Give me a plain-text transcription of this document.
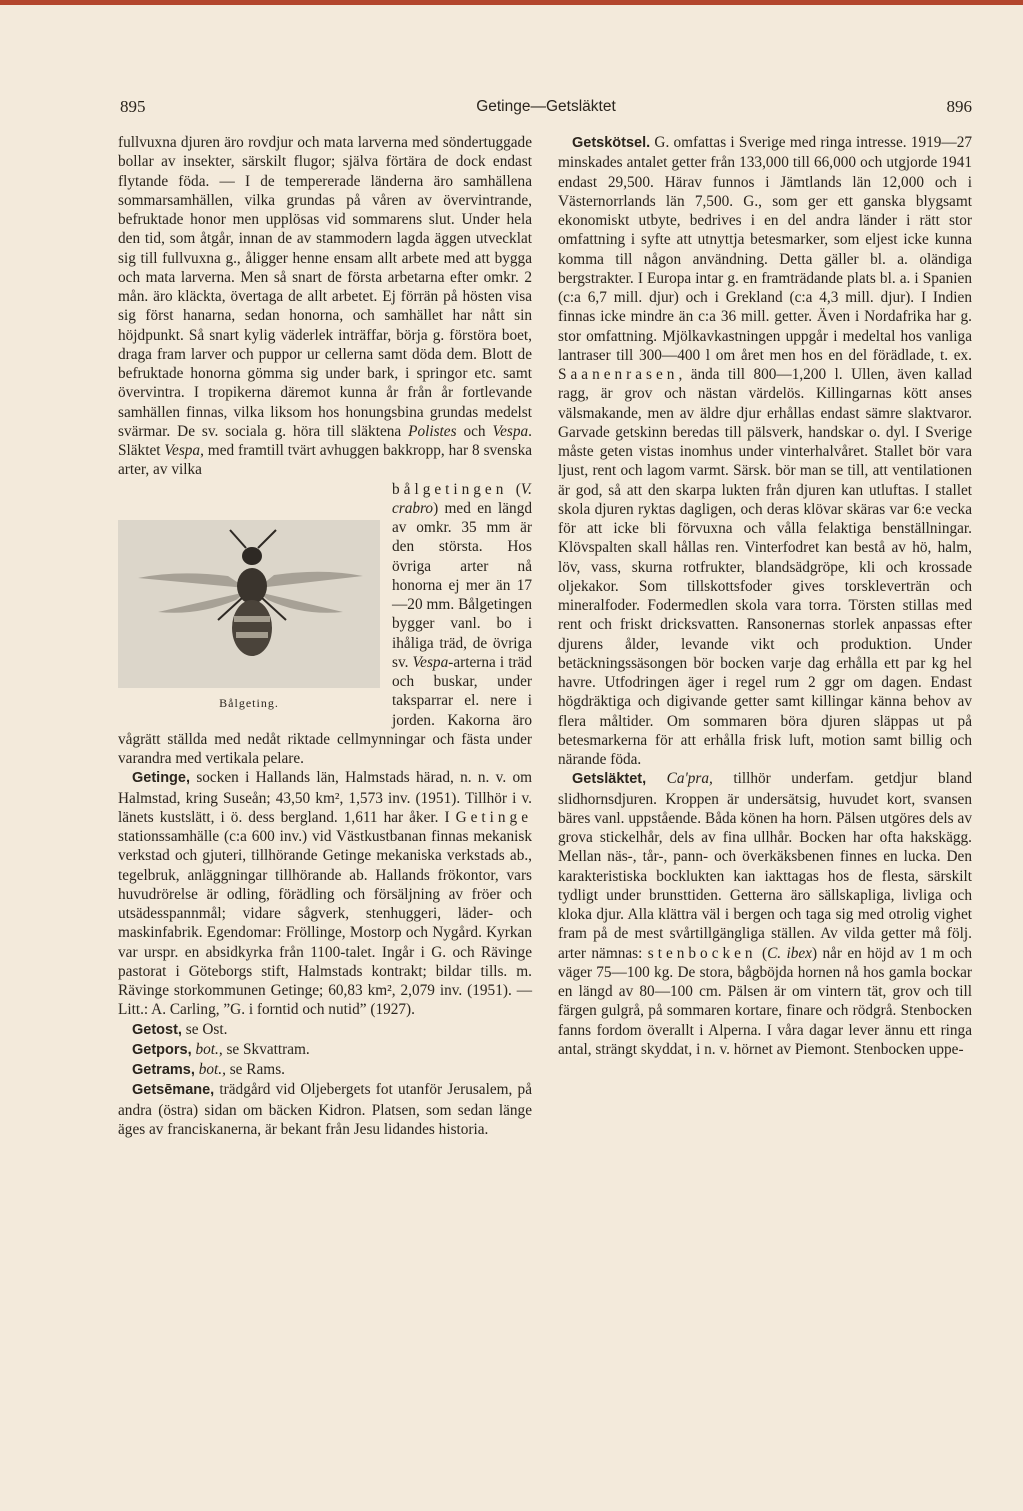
895	Getinge—Getsläktet	896

fullvuxna djuren äro rovdjur och mata larverna med söndertuggade bollar av insekter, särskilt flugor; själva förtära de dock endast flytande föda. — I de tempererade länderna äro samhällena sommarsamhällen, vilka grundas på våren av övervintrande, befruktade honor men upplösas vid sommarens slut. Under hela den tid, som åtgår, innan de av stammodern lagda äggen utvecklat sig till fullvuxna g., åligger henne ensam allt arbete med att bygga och mata larverna. Men så snart de första arbetarna efter omkr. 2 mån. äro kläckta, övertaga de allt arbetet. Ej förrän på hösten visa sig först hanarna, sedan honorna, och samhället har nått sin höjdpunkt. Så snart kylig väderlek inträffar, börja g. förstöra boet, draga fram larver och puppor ur cellerna samt döda dem. Blott de befruktade honorna gömma sig under bark, i springor etc. samt övervintra. I tropikerna däremot kunna år från år fortlevande samhällen finnas, vilka liksom hos honungsbina grundas medelst svärmar. De sv. sociala g. höra till släktena Polistes och Vespa. Släktet Vespa, med framtill tvärt avhuggen bakkropp, har 8 svenska arter, av vilka

Bålgeting.

bålgetingen (V. crabro) med en längd av omkr. 35 mm är den största. Hos övriga arter nå honorna ej mer än 17—20 mm. Bålgetingen bygger vanl. bo i ihåliga träd, de övriga sv. Vespa-arterna i träd och buskar, under taksparrar el. nere i jorden. Kakorna äro vågrätt ställda med nedåt riktade cellmynningar och fästa under varandra med vertikala pelare.

Getinge, socken i Hallands län, Halmstads härad, n. n. v. om Halmstad, kring Suseån; 43,50 km², 1,573 inv. (1951). Tillhör i v. länets kustslätt, i ö. dess bergland. 1,611 har åker. I Getinge stationssamhälle (c:a 600 inv.) vid Västkustbanan finnas mekanisk verkstad och gjuteri, tillhörande Getinge mekaniska verkstads ab., tegelbruk, anläggningar tillhörande ab. Hallands frökontor, vars huvudrörelse är odling, förädling och försäljning av fröer och utsädesspannmål; vidare sågverk, stenhuggeri, läder- och maskinfabrik. Egendomar: Fröllinge, Mostorp och Nygård. Kyrkan var urspr. en absidkyrka från 1100-talet. Ingår i G. och Rävinge pastorat i Göteborgs stift, Halmstads kontrakt; bildar tills. m. Rävinge storkommunen Getinge; 60,83 km², 2,079 inv. (1951). — Litt.: A. Carling, ”G. i forntid och nutid” (1927).

Getost, se Ost.

Getpors, bot., se Skvattram.

Getrams, bot., se Rams.

Getsēmane, trädgård vid Oljebergets fot utanför Jerusalem, på andra (östra) sidan om bäcken Kidron. Platsen, som sedan länge äges av franciskanerna, är bekant från Jesu lidandes historia.

Getskötsel. G. omfattas i Sverige med ringa intresse. 1919—27 minskades antalet getter från 133,000 till 66,000 och utgjorde 1941 endast 29,500. Härav funnos i Jämtlands län 12,000 och i Västernorrlands län 7,500. G., som ger ett ganska blygsamt ekonomiskt utbyte, bedrives i en del andra länder i rätt stor omfattning i syfte att utnyttja betesmarker, som eljest icke kunna komma till någon användning. Detta gäller bl. a. oländiga bergstrakter. I Europa intar g. en framträdande plats bl. a. i Spanien (c:a 6,7 mill. djur) och i Grekland (c:a 4,3 mill. djur). I Indien finnas icke mindre än c:a 36 mill. getter. Även i Nordafrika har g. stor omfattning. Mjölkavkastningen uppgår i medeltal hos vanliga lantraser till 300—400 l om året men hos en del förädlade, t. ex. Saanenrasen, ända till 800—1,200 l. Ullen, även kallad ragg, är grov och nästan värdelös. Killingarnas kött anses välsmakande, men av äldre djur erhållas endast sämre slaktvaror. Garvade getskinn beredas till pälsverk, handskar o. dyl. I Sverige måste geten vistas inomhus under vinterhalvåret. Stallet bör vara ljust, rent och lagom varmt. Särsk. bör man se till, att ventilationen är god, så att den skarpa lukten från djuren kan utluftas. I stallet skola djuren ryktas dagligen, och deras klövar skäras var 6:e vecka för att icke bli förvuxna och vålla felaktiga benställningar. Klövspalten skall hållas ren. Vinterfodret kan bestå av hö, halm, löv, vass, skurna rotfrukter, blandsädgröpe, kli och krossade oljekakor. Som tillskottsfoder gives torskleverträn och mineralfoder. Fodermedlen skola vara torra. Törsten stillas med rent och friskt dricksvatten. Ransonernas storlek anpassas efter djurens ålder, levande vikt och produktion. Under betäckningssäsongen bör bocken varje dag erhålla ett par kg hel havre. Utfodringen äger i regel rum 2 ggr om dagen. Endast högdräktiga och digivande getter samt killingar känna behov av flera måltider. Om sommaren böra djuren släppas ut på betesmarkerna för att erhålla frisk luft, motion samt billig och närande föda.

Getsläktet, Ca'pra, tillhör underfam. getdjur bland slidhornsdjuren. Kroppen är undersätsig, huvudet kort, svansen bäres vanl. uppstående. Båda könen ha horn. Pälsen utgöres dels av grova stickelhår, dels av fina ullhår. Bocken har ofta hakskägg. Mellan näs-, tår-, pann- och överkäksbenen finnes en lucka. Den karakteristiska bocklukten kan iakttagas hos de flesta, särskilt tydligt under brunsttiden. Getterna äro sällskapliga, livliga och kloka djur. Alla klättra väl i bergen och taga sig med otrolig vighet fram på de mest svårtillgängliga ställen. Av vilda getter må följ. arter nämnas: stenbocken (C. ibex) når en höjd av 1 m och väger 75—100 kg. De stora, bågböjda hornen nå hos gamla bockar en längd av 80—100 cm. Pälsen är om vintern tät, grov och till färgen gulgrå, på sommaren kortare, finare och rödgrå. Stenbocken fanns fordom överallt i Alperna. I våra dagar lever ännu ett ringa antal, strängt skyddat, i n. v. hörnet av Piemont. Stenbocken uppe-
